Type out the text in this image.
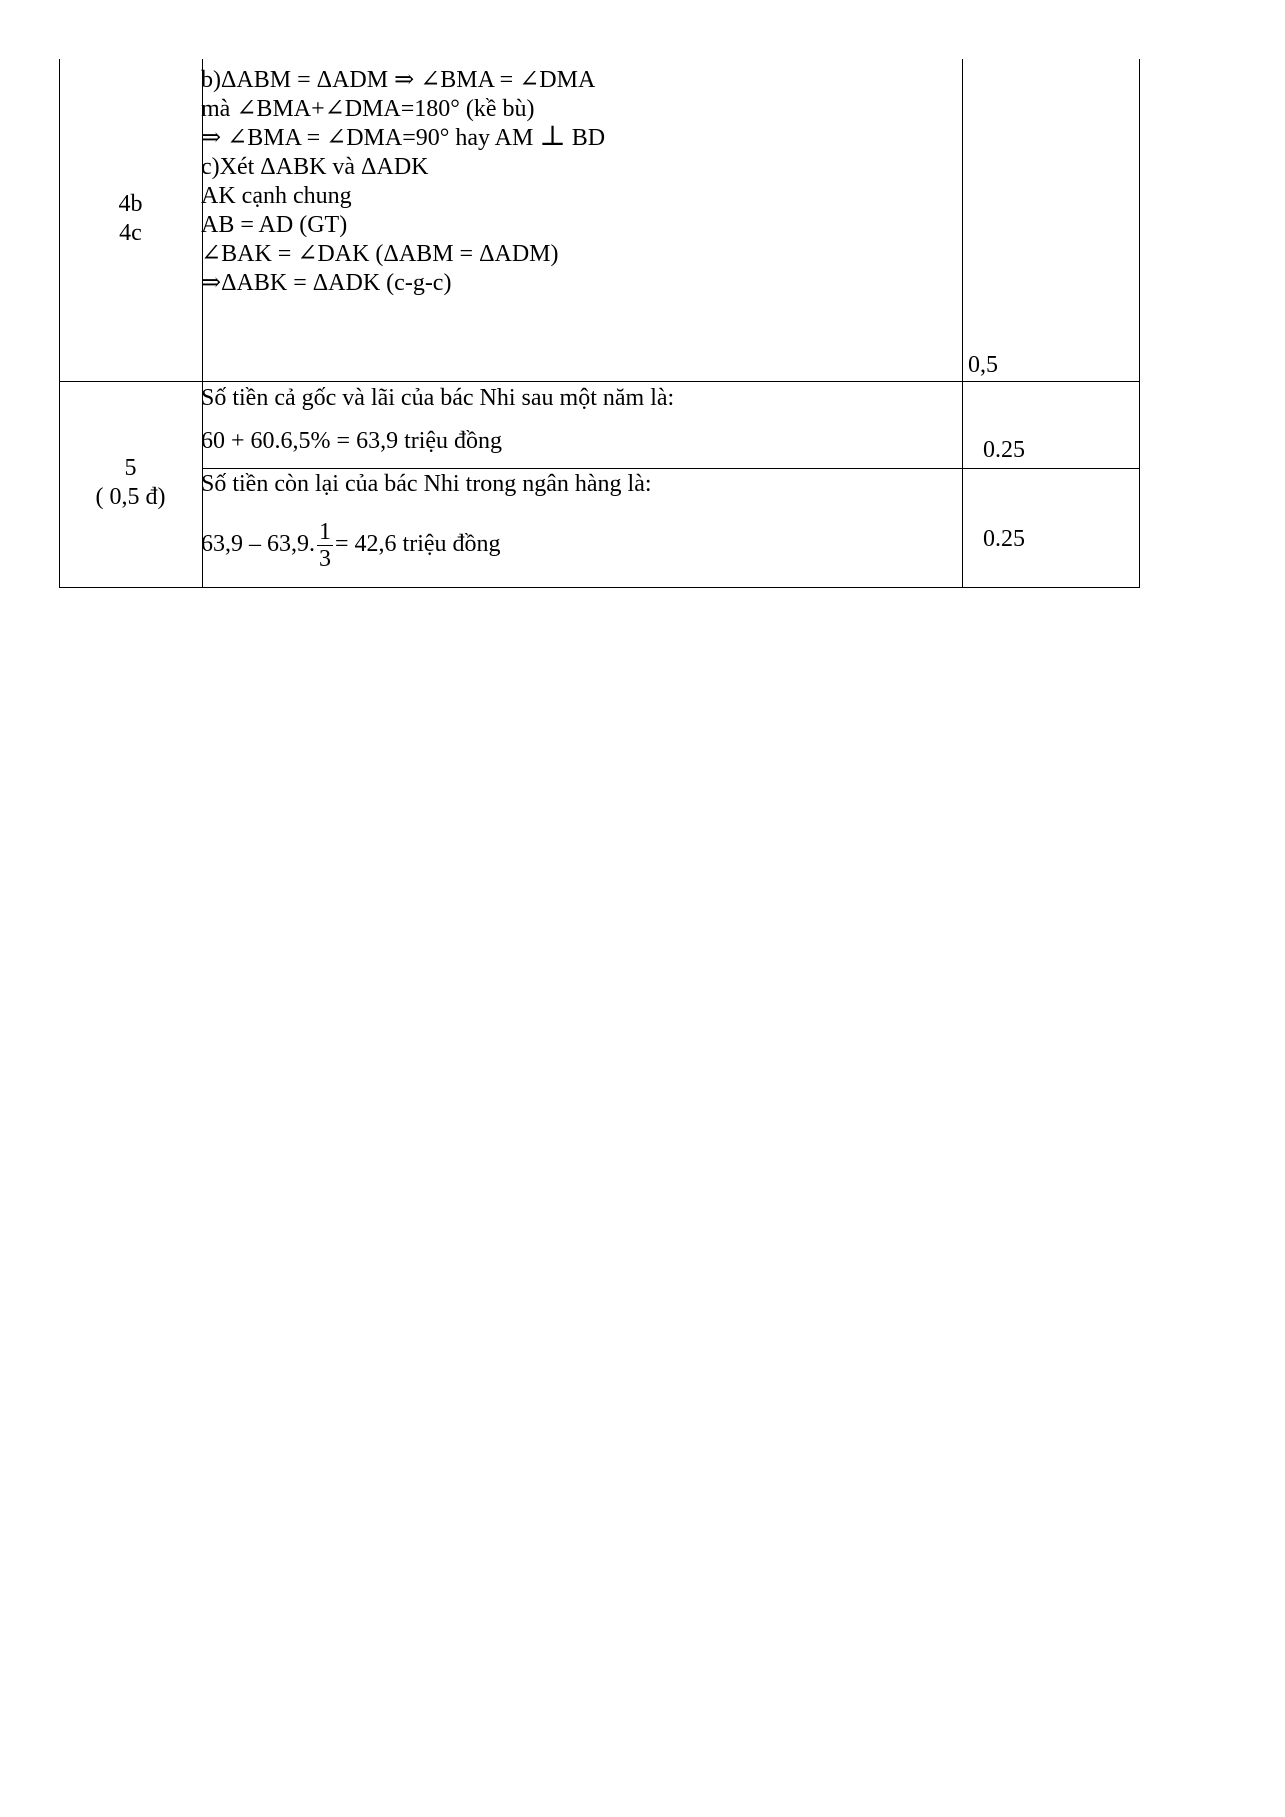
4b
4c
b)ΔABM = ΔADM ⇒ ∠BMA = ∠DMA
mà ∠BMA+∠DMA=180° (kề bù)
⇒ ∠BMA = ∠DMA=90° hay AM ⊥ BD
c)Xét ΔABK và ΔADK
AK cạnh chung
AB = AD (GT)
∠BAK = ∠DAK (ΔABM = ΔADM)
⇒ΔABK = ΔADK (c-g-c)
0,5
5
( 0,5 đ)
Số tiền cả gốc và lãi của bác Nhi sau một năm là:
60 + 60.6,5% = 63,9 triệu đồng	0.25
Số tiền còn lại của bác Nhi trong ngân hàng là:
63,9 – 63,9. $\frac{1}{3} = 42,6$ triệu đồng	0.25
